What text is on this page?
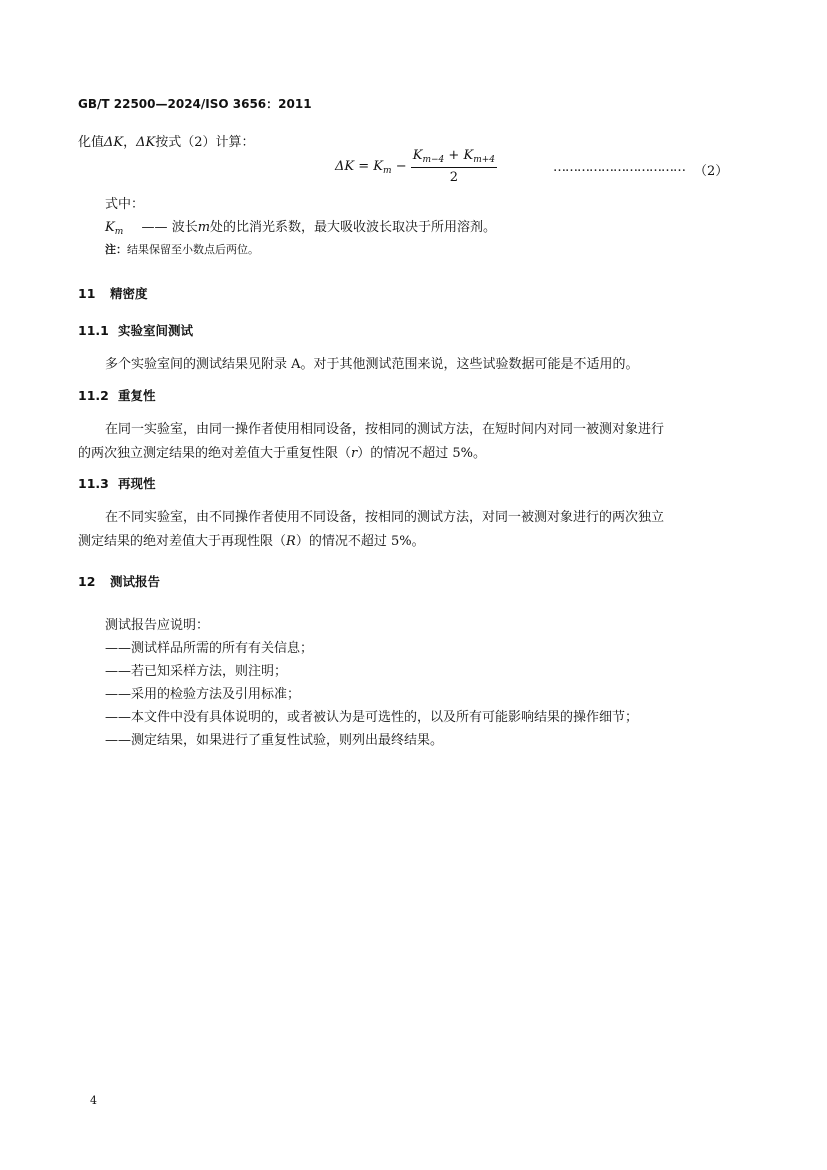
GB/T 22500—2024/ISO 3656：2011
化值ΔK，ΔK按式（2）计算：
$\Delta K = K_m - \frac{K_{m-4} + K_{m+4}}{2}$	…………………………… （2）
式中：
$K_m$ —— 波长m处的比消光系数，最大吸收波长取决于所用溶剂。
注：结果保留至小数点后两位。
11 精密度
11.1 实验室间测试
多个实验室间的测试结果见附录 A。对于其他测试范围来说，这些试验数据可能是不适用的。
11.2 重复性
在同一实验室，由同一操作者使用相同设备，按相同的测试方法，在短时间内对同一被测对象进行
的两次独立测定结果的绝对差值大于重复性限（r）的情况不超过 5%。
11.3 再现性
在不同实验室，由不同操作者使用不同设备，按相同的测试方法，对同一被测对象进行的两次独立
测定结果的绝对差值大于再现性限（R）的情况不超过 5%。
12 测试报告
测试报告应说明：
——测试样品所需的所有有关信息；
——若已知采样方法，则注明；
——采用的检验方法及引用标准；
——本文件中没有具体说明的，或者被认为是可选性的，以及所有可能影响结果的操作细节；
——测定结果，如果进行了重复性试验，则列出最终结果。
4
